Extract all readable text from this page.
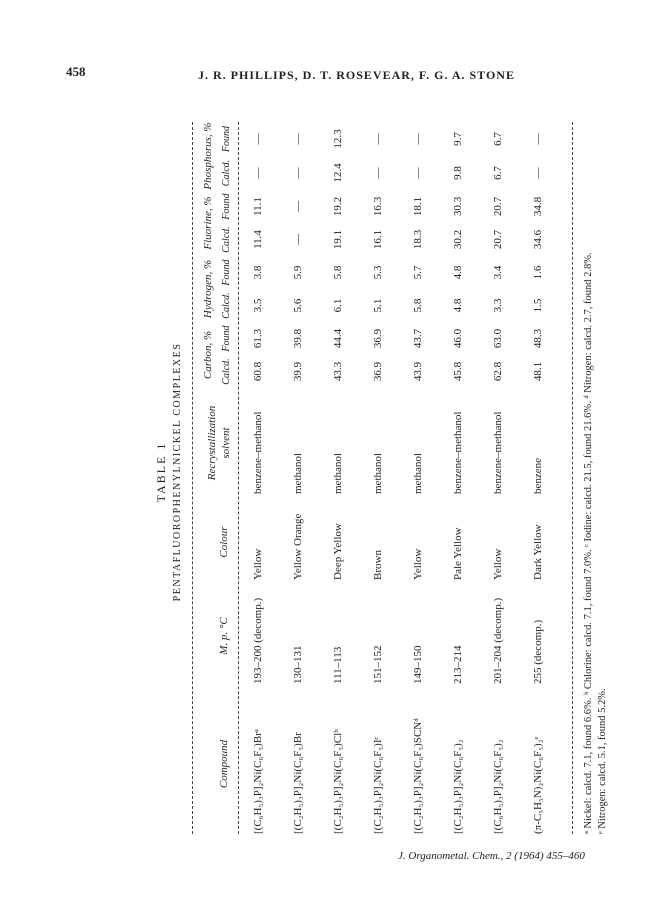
458	J. R. PHILLIPS, D. T. ROSEVEAR, F. G. A. STONE
TABLE 1 PENTAFLUOROPHENYLNICKEL COMPLEXES
Compound
M. p. °C
Colour
Recrystallization solvent
Carbon, %
Hydrogen, %
Fluorine, %
Phosphorus, %
Calcd.
Found
Calcd.
Found
Calcd.
Found
Calcd.
Found
[(C₆H₅)₃P]₂Ni(C₆F₅)Brᵃ
193–200 (decomp.)
Yellow
benzene–methanol
60.8
61.3
3.5
3.8
11.4
11.1
—
—
[(C₂H₅)₃P]₂Ni(C₆F₅)Br
130–131
Yellow Orange
methanol
39.9
39.8
5.6
5.9
—
—
—
—
[(C₂H₅)₃P]₂Ni(C₆F₅)Clᵇ
111–113
Deep Yellow
methanol
43.3
44.4
6.1
5.8
19.1
19.2
12.4
12.3
[(C₂H₅)₃P]₂Ni(C₆F₅)Iᶜ
151–152
Brown
methanol
36.9
36.9
5.1
5.3
16.1
16.3
—
—
[(C₂H₅)₃P]₂Ni(C₆F₅)SCNᵈ
149–150
Yellow
methanol
43.9
43.7
5.8
5.7
18.3
18.1
—
—
[(C₂H₅)₃P]₂Ni(C₆F₅)₂
213–214
Pale Yellow
benzene–methanol
45.8
46.0
4.8
4.8
30.2
30.3
9.8
9.7
[(C₆H₅)₃P]₂Ni(C₆F₅)₂
201–204 (decomp.)
Yellow
benzene–methanol
62.8
63.0
3.3
3.4
20.7
20.7
6.7
6.7
(π-C₅H₅N)₂Ni(C₆F₅)₂ᵉ
255 (decomp.)
Dark Yellow
benzene
48.1
48.3
1.5
1.6
34.6
34.8
—
—
ᵃ Nickel: calcd. 7.1, found 6.6%. ᵇ Chlorine: calcd. 7.1, found 7.0%. ᶜ Iodine: calcd. 21.5, found 21.6%. ᵈ Nitrogen: calcd. 2.7, found 2.8%. ᵉ Nitrogen: calcd. 5.1, found 5.2%.
J. Organometal. Chem., 2 (1964) 455–460
